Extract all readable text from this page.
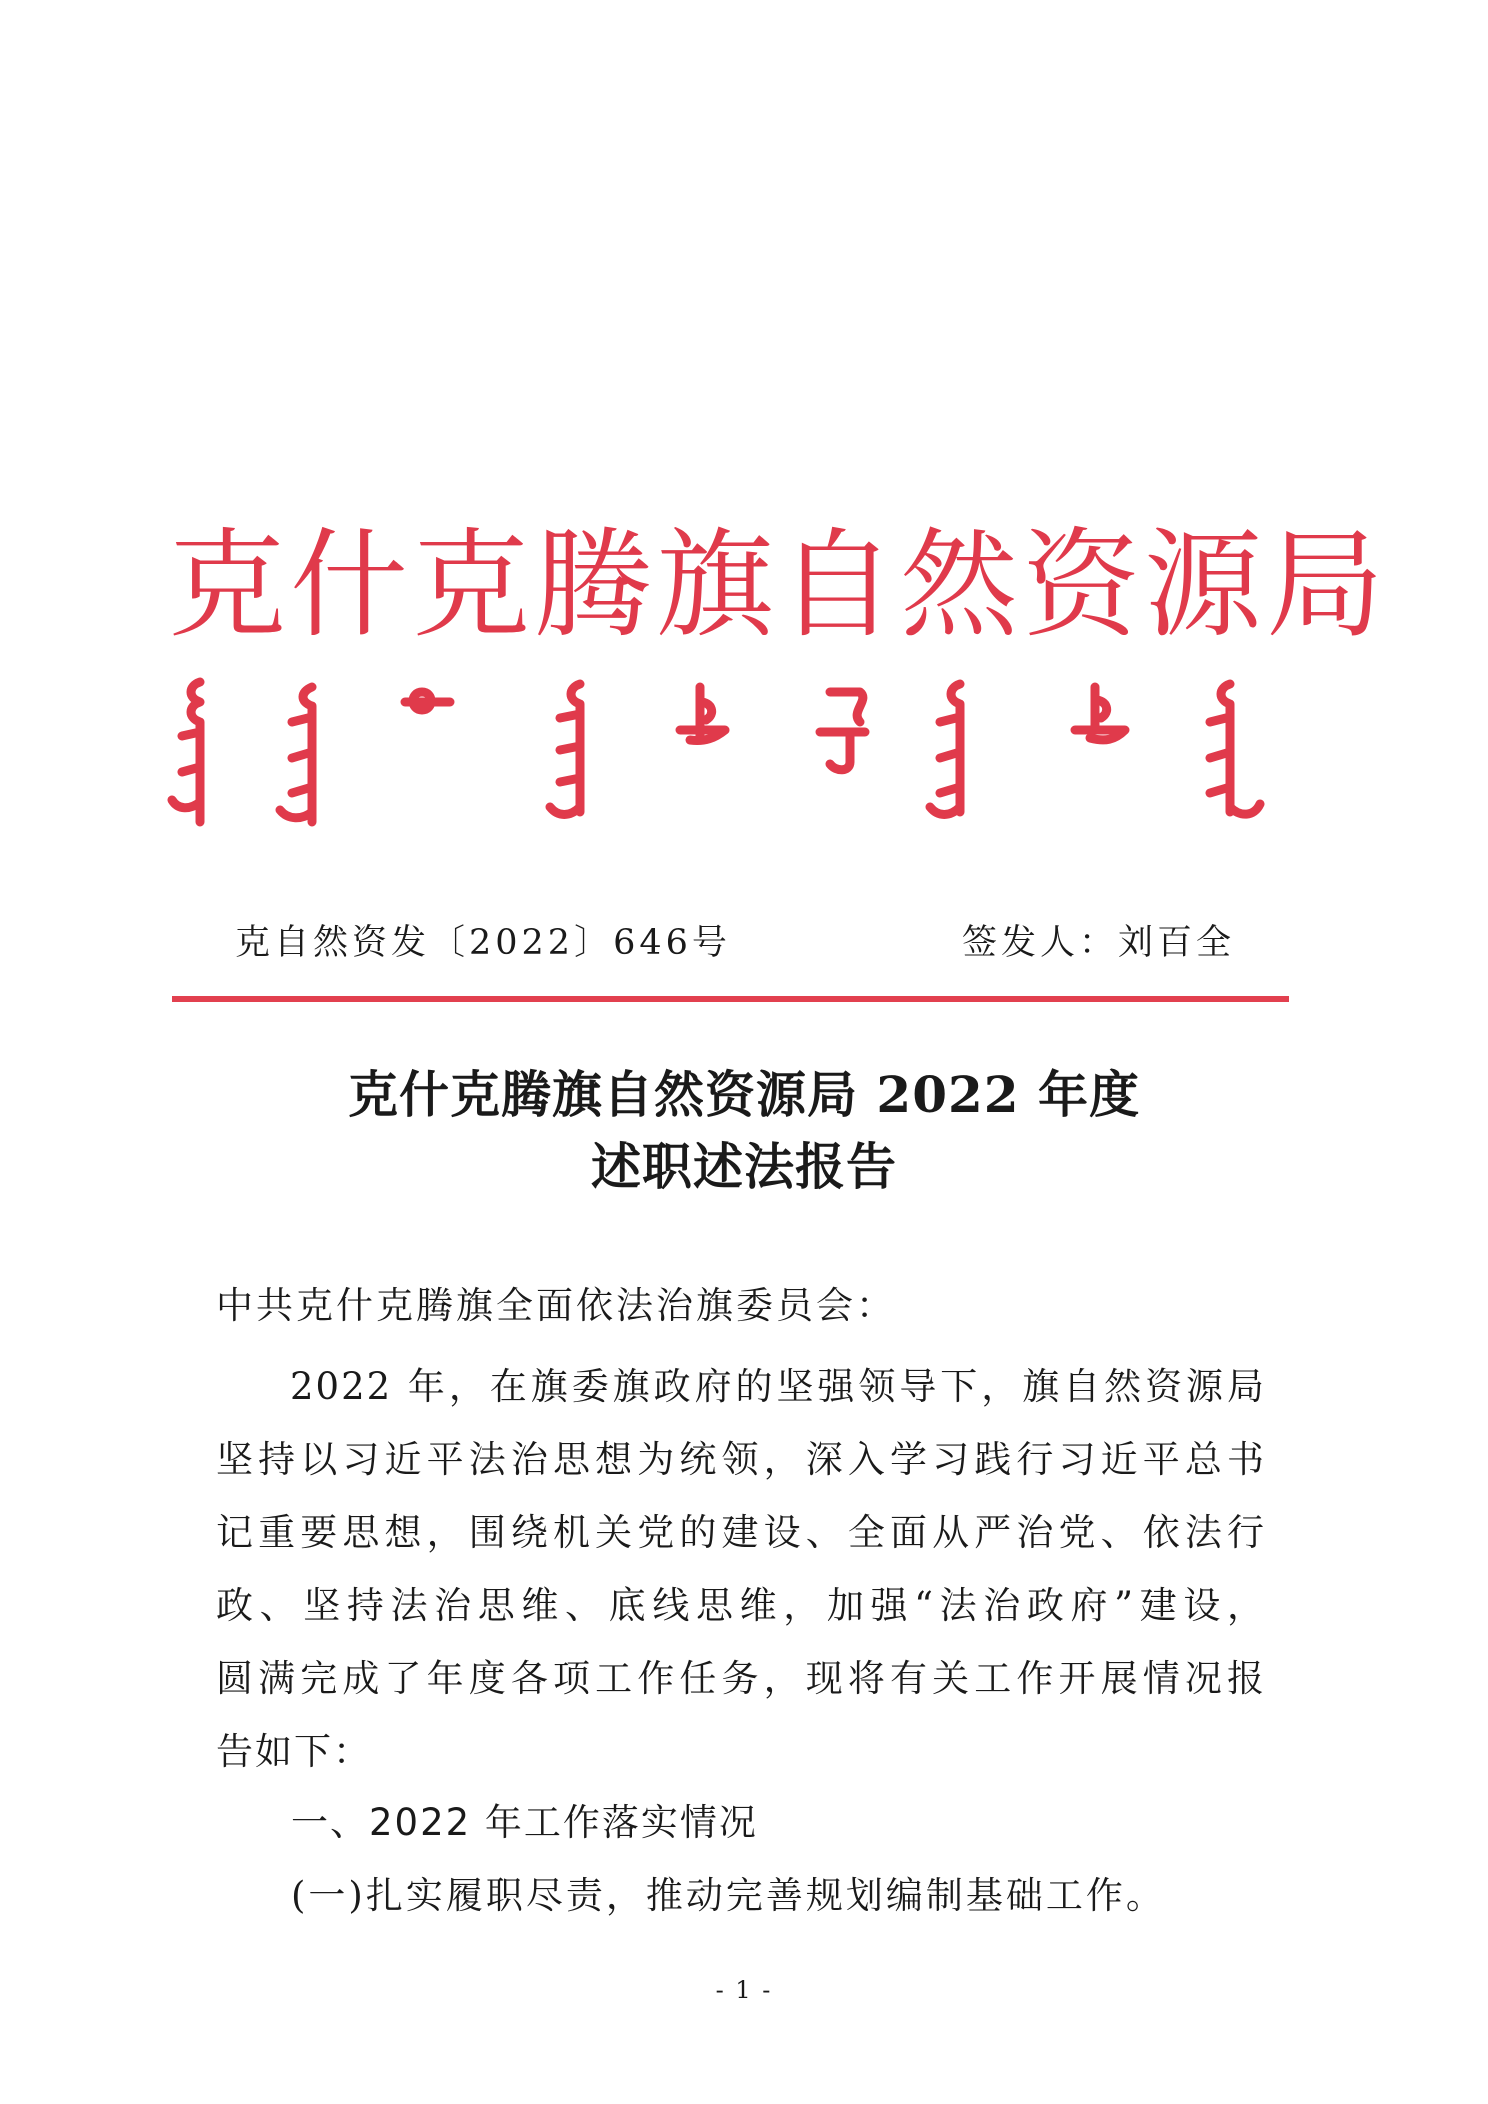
克什克腾旗自然资源局
克自然资发〔2022〕646号	签发人：刘百全
克什克腾旗自然资源局 2022 年度
述职述法报告
中共克什克腾旗全面依法治旗委员会：
2022 年，在旗委旗政府的坚强领导下，旗自然资源局
坚持以习近平法治思想为统领，深入学习践行习近平总书
记重要思想，围绕机关党的建设、全面从严治党、依法行
政、坚持法治思维、底线思维，加强“法治政府”建设，
圆满完成了年度各项工作任务，现将有关工作开展情况报
告如下：
一、2022 年工作落实情况
(一)扎实履职尽责，推动完善规划编制基础工作。
- 1 -
